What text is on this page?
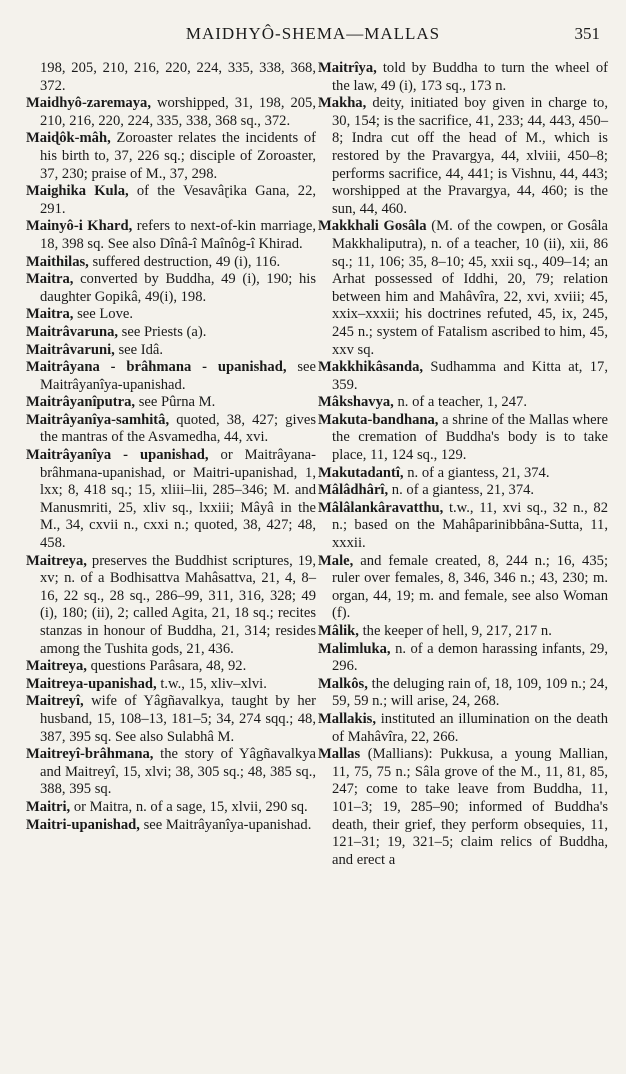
MAIDHYÔ-SHEMA—MALLAS	351

198, 205, 210, 216, 220, 224, 335, 338, 368, 372.

Maidhyô-zaremaya, worshipped, 31, 198, 205, 210, 216, 220, 224, 335, 338, 368 sq., 372.

Maiɖôk-mâh, Zoroaster relates the incidents of his birth to, 37, 226 sq.; disciple of Zoroaster, 37, 230; praise of M., 37, 298.

Maighika Kula, of the Vesavâɽika Gana, 22, 291.

Mainyô-i Khard, refers to next-of-kin marriage, 18, 398 sq. See also Dînâ-î Maînôg-î Khirad.

Maithilas, suffered destruction, 49 (i), 116.

Maitra, converted by Buddha, 49 (i), 190; his daughter Gopikâ, 49(i), 198.

Maitra, see Love.

Maitrâvaruna, see Priests (a).

Maitrâvaruni, see Idâ.

Maitrâyana - brâhmana - upanishad, see Maitrâyanîya-upanishad.

Maitrâyanîputra, see Pûrna M.

Maitrâyanîya-samhitâ, quoted, 38, 427; gives the mantras of the Asvamedha, 44, xvi.

Maitrâyanîya - upanishad, or Maitrâyana-brâhmana-upanishad, or Maitri-upanishad, 1, lxx; 8, 418 sq.; 15, xliii–lii, 285–346; M. and Manusmriti, 25, xliv sq., lxxiii; Mâyâ in the M., 34, cxvii n., cxxi n.; quoted, 38, 427; 48, 458.

Maitreya, preserves the Buddhist scriptures, 19, xv; n. of a Bodhisattva Mahâsattva, 21, 4, 8–16, 22 sq., 28 sq., 286–99, 311, 316, 328; 49 (i), 180; (ii), 2; called Agita, 21, 18 sq.; recites stanzas in honour of Buddha, 21, 314; resides among the Tushita gods, 21, 436.

Maitreya, questions Parâsara, 48, 92.

Maitreya-upanishad, t.w., 15, xliv–xlvi.

Maitreyî, wife of Yâgñavalkya, taught by her husband, 15, 108–13, 181–5; 34, 274 sqq.; 48, 387, 395 sq. See also Sulabhâ M.

Maitreyî-brâhmana, the story of Yâgñavalkya and Maitreyî, 15, xlvi; 38, 305 sq.; 48, 385 sq., 388, 395 sq.

Maitri, or Maitra, n. of a sage, 15, xlvii, 290 sq.

Maitri-upanishad, see Maitrâyanîya-upanishad.

Maitrîya, told by Buddha to turn the wheel of the law, 49 (i), 173 sq., 173 n.

Makha, deity, initiated boy given in charge to, 30, 154; is the sacrifice, 41, 233; 44, 443, 450–8; Indra cut off the head of M., which is restored by the Pravargya, 44, xlviii, 450–8; performs sacrifice, 44, 441; is Vishnu, 44, 443; worshipped at the Pravargya, 44, 460; is the sun, 44, 460.

Makkhali Gosâla (M. of the cowpen, or Gosâla Makkhaliputra), n. of a teacher, 10 (ii), xii, 86 sq.; 11, 106; 35, 8–10; 45, xxii sq., 409–14; an Arhat possessed of Iddhi, 20, 79; relation between him and Mahâvîra, 22, xvi, xviii; 45, xxix–xxxii; his doctrines refuted, 45, ix, 245, 245 n.; system of Fatalism ascribed to him, 45, xxv sq.

Makkhikâsanda, Sudhamma and Kitta at, 17, 359.

Mâkshavya, n. of a teacher, 1, 247.

Makuta-bandhana, a shrine of the Mallas where the cremation of Buddha's body is to take place, 11, 124 sq., 129.

Makutadantî, n. of a giantess, 21, 374.

Mâlâdhârî, n. of a giantess, 21, 374.

Mâlâlankâravatthu, t.w., 11, xvi sq., 32 n., 82 n.; based on the Mahâparinibbâna-Sutta, 11, xxxii.

Male, and female created, 8, 244 n.; 16, 435; ruler over females, 8, 346, 346 n.; 43, 230; m. organ, 44, 19; m. and female, see also Woman (f).

Mâlik, the keeper of hell, 9, 217, 217 n.

Malimluka, n. of a demon harassing infants, 29, 296.

Malkôs, the deluging rain of, 18, 109, 109 n.; 24, 59, 59 n.; will arise, 24, 268.

Mallakis, instituted an illumination on the death of Mahâvîra, 22, 266.

Mallas (Mallians): Pukkusa, a young Mallian, 11, 75, 75 n.; Sâla grove of the M., 11, 81, 85, 247; come to take leave from Buddha, 11, 101–3; 19, 285–90; informed of Buddha's death, their grief, they perform obsequies, 11, 121–31; 19, 321–5; claim relics of Buddha, and erect a
